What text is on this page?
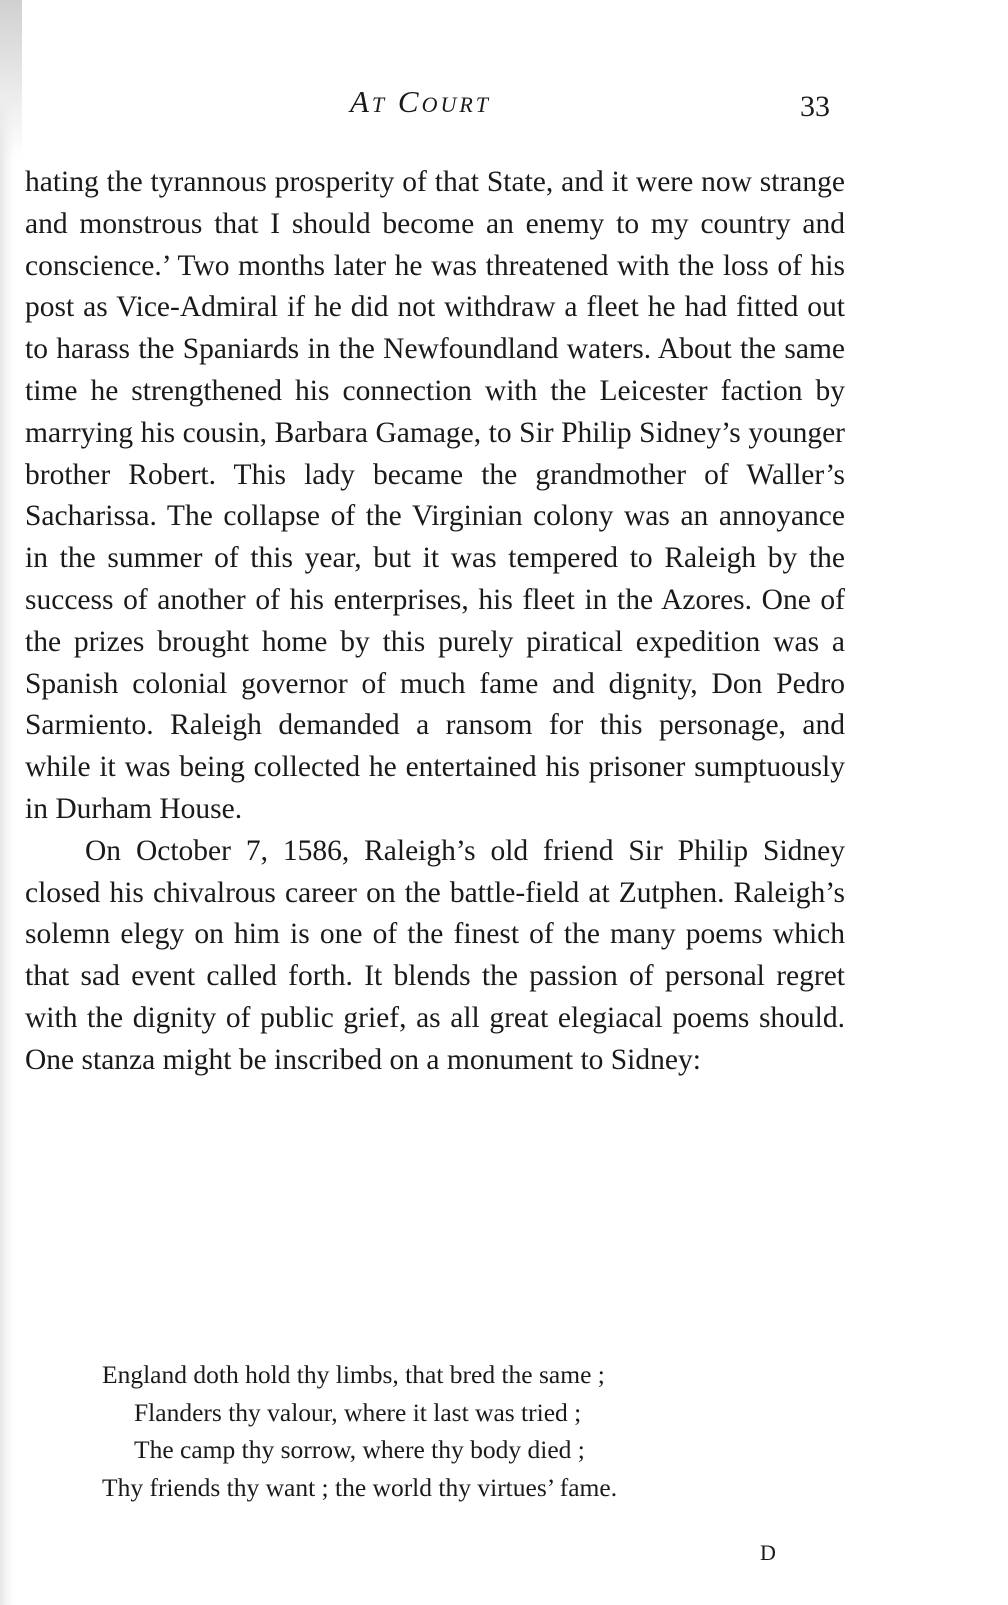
At Court	33

hating the tyrannous prosperity of that State, and it were now strange and monstrous that I should become an enemy to my country and conscience.’ Two months later he was threatened with the loss of his post as Vice-Admiral if he did not withdraw a fleet he had fitted out to harass the Spaniards in the Newfoundland waters. About the same time he strengthened his connection with the Leicester faction by marrying his cousin, Barbara Gamage, to Sir Philip Sidney’s younger brother Robert. This lady became the grandmother of Waller’s Sacharissa. The collapse of the Virginian colony was an annoyance in the summer of this year, but it was tempered to Raleigh by the success of another of his enterprises, his fleet in the Azores. One of the prizes brought home by this purely piratical expedition was a Spanish colonial governor of much fame and dignity, Don Pedro Sarmiento. Raleigh demanded a ransom for this personage, and while it was being collected he entertained his prisoner sumptuously in Durham House.

On October 7, 1586, Raleigh’s old friend Sir Philip Sidney closed his chivalrous career on the battle-field at Zutphen. Raleigh’s solemn elegy on him is one of the finest of the many poems which that sad event called forth. It blends the passion of personal regret with the dignity of public grief, as all great elegiacal poems should. One stanza might be inscribed on a monument to Sidney:

England doth hold thy limbs, that bred the same ;
Flanders thy valour, where it last was tried ;
The camp thy sorrow, where thy body died ;
Thy friends thy want ; the world thy virtues’ fame.
D
